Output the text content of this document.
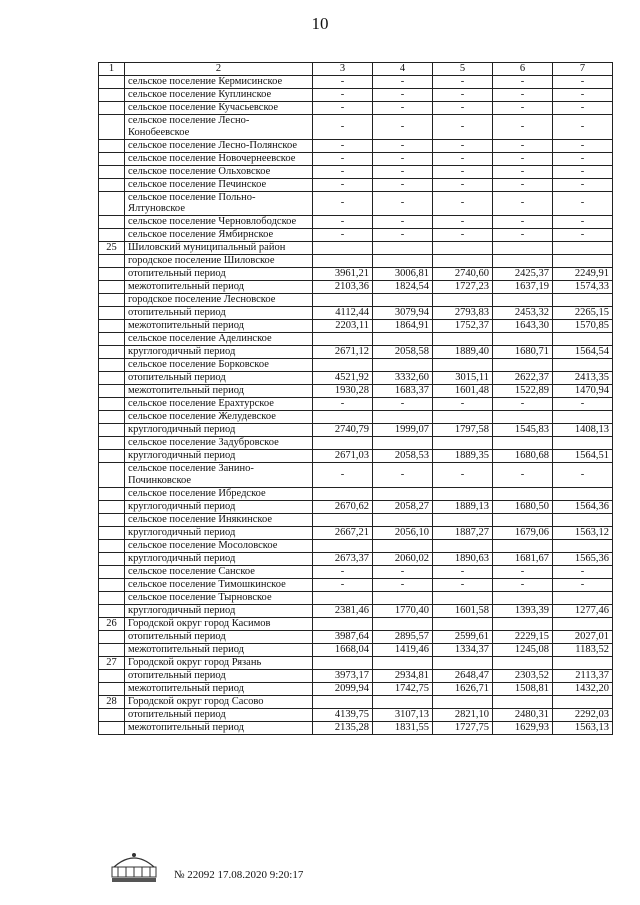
10
1	2	3	4	5	6	7
	сельское поселение Кермисинское	-	-	-	-	-
	сельское поселение Куплинское	-	-	-	-	-
	сельское поселение Кучасьевское	-	-	-	-	-
	сельское поселение Лесно-Конобеевское	-	-	-	-	-
	сельское поселение Лесно-Полянское	-	-	-	-	-
	сельское поселение Новочернеевское	-	-	-	-	-
	сельское поселение Ольховское	-	-	-	-	-
	сельское поселение Печинское	-	-	-	-	-
	сельское поселение Польно-Ялтуновское	-	-	-	-	-
	сельское поселение Черновлободское	-	-	-	-	-
	сельское поселение Ямбирнское	-	-	-	-	-
25	Шиловский муниципальный район					
	городское поселение Шиловское					
	отопительный период	3961,21	3006,81	2740,60	2425,37	2249,91
	межотопительный период	2103,36	1824,54	1727,23	1637,19	1574,33
	городское поселение Лесновское					
	отопительный период	4112,44	3079,94	2793,83	2453,32	2265,15
	межотопительный период	2203,11	1864,91	1752,37	1643,30	1570,85
	сельское поселение Аделинское					
	круглогодичный период	2671,12	2058,58	1889,40	1680,71	1564,54
	сельское поселение Борковское					
	отопительный период	4521,92	3332,60	3015,11	2622,37	2413,35
	межотопительный период	1930,28	1683,37	1601,48	1522,89	1470,94
	сельское поселение Ерахтурское	-	-	-	-	-
	сельское поселение Желудевское					
	круглогодичный период	2740,79	1999,07	1797,58	1545,83	1408,13
	сельское поселение Задубровское					
	круглогодичный период	2671,03	2058,53	1889,35	1680,68	1564,51
	сельское поселение Занино-Починковское	-	-	-	-	-
	сельское поселение Ибредское					
	круглогодичный период	2670,62	2058,27	1889,13	1680,50	1564,36
	сельское поселение Инякинское					
	круглогодичный период	2667,21	2056,10	1887,27	1679,06	1563,12
	сельское поселение Мосоловское					
	круглогодичный период	2673,37	2060,02	1890,63	1681,67	1565,36
	сельское поселение Санское	-	-	-	-	-
	сельское поселение Тимошкинское	-	-	-	-	-
	сельское поселение Тырновское					
	круглогодичный период	2381,46	1770,40	1601,58	1393,39	1277,46
26	Городской округ город Касимов					
	отопительный период	3987,64	2895,57	2599,61	2229,15	2027,01
	межотопительный период	1668,04	1419,46	1334,37	1245,08	1183,52
27	Городской округ город Рязань					
	отопительный период	3973,17	2934,81	2648,47	2303,52	2113,37
	межотопительный период	2099,94	1742,75	1626,71	1508,81	1432,20
28	Городской округ город Сасово					
	отопительный период	4139,75	3107,13	2821,10	2480,31	2292,03
	межотопительный период	2135,28	1831,55	1727,75	1629,93	1563,13
№ 22092 17.08.2020 9:20:17
